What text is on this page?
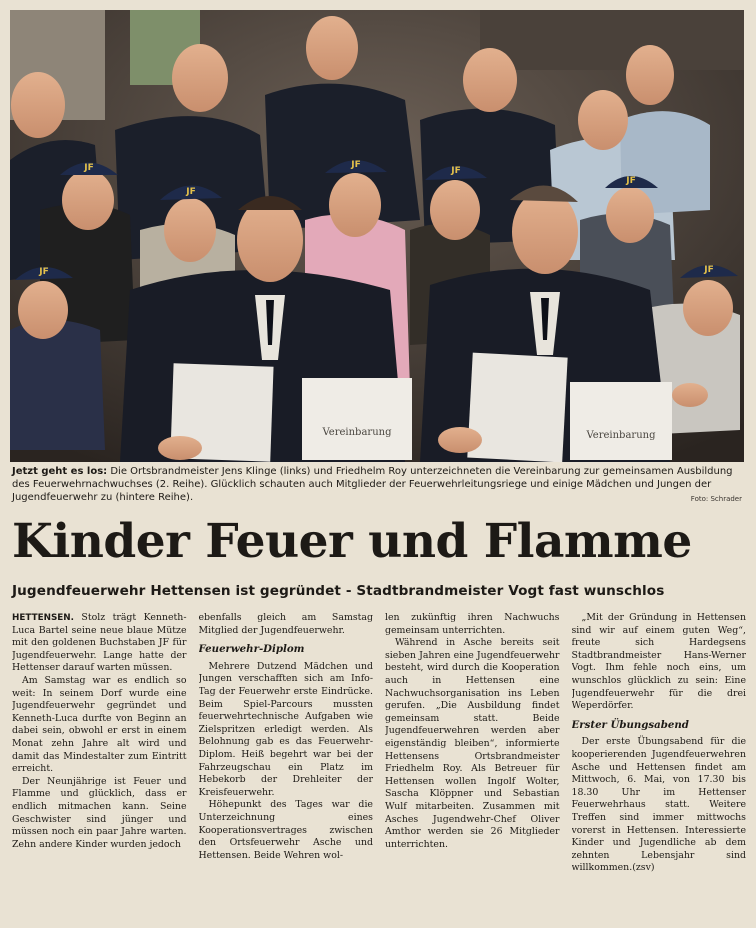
JF
JF
JF
JF
JF
JF	JF
Vereinbarung	Vereinbarung

Jetzt geht es los: Die Ortsbrandmeister Jens Klinge (links) und Friedhelm Roy unterzeichneten die Vereinbarung zur gemeinsamen Ausbildung des Feuerwehrnachwuchses (2. Reihe). Glücklich schauten auch Mitglieder der Feuerwehrleitungsriege und einige Mädchen und Jungen der Jugendfeuerwehr zu (hintere Reihe).	Foto: Schrader
Kinder Feuer und Flamme
Jugendfeuerwehr Hettensen ist gegründet - Stadtbrandmeister Vogt fast wunschlos

HETTENSEN. Stolz trägt Kenneth-Luca Bartel seine neue blaue Mütze mit den goldenen Buchstaben JF für Jugendfeuerwehr. Lange hatte der Hettenser darauf warten müssen.

Am Samstag war es endlich so weit: In seinem Dorf wurde eine Jugendfeuerwehr gegründet und Kenneth-Luca durfte von Beginn an dabei sein, obwohl er erst in einem Monat zehn Jahre alt wird und damit das Mindestalter zum Eintritt erreicht.

Der Neunjährige ist Feuer und Flamme und glücklich, dass er endlich mitmachen kann. Seine Geschwister sind jünger und müssen noch ein paar Jahre warten. Zehn andere Kinder wurden jedoch

ebenfalls gleich am Samstag Mitglied der Jugendfeuerwehr.

Feuerwehr-Diplom

Mehrere Dutzend Mädchen und Jungen verschafften sich am Info-Tag der Feuerwehr erste Eindrücke. Beim Spiel-Parcours mussten feuerwehrtechnische Aufgaben wie Zielspritzen erledigt werden. Als Belohnung gab es das Feuerwehr-Diplom. Heiß begehrt war bei der Fahrzeugschau ein Platz im Hebekorb der Drehleiter der Kreisfeuerwehr.

Höhepunkt des Tages war die Unterzeichnung eines Kooperationsvertrages zwischen den Ortsfeuerwehr Asche und Hettensen. Beide Wehren wol-

len zukünftig ihren Nachwuchs gemeinsam unterrichten.

Während in Asche bereits seit sieben Jahren eine Jugendfeuerwehr besteht, wird durch die Kooperation auch in Hettensen eine Nachwuchsorganisation ins Leben gerufen. „Die Ausbildung findet gemeinsam statt. Beide Jugendfeuerwehren werden aber eigenständig bleiben“, informierte Hettensens Ortsbrandmeister Friedhelm Roy. Als Betreuer für Hettensen wollen Ingolf Wolter, Sascha Klöppner und Sebastian Wulf mitarbeiten. Zusammen mit Asches Jugendwehr-Chef Oliver Amthor werden sie 26 Mitglieder unterrichten.

„Mit der Gründung in Hettensen sind wir auf einem guten Weg“, freute sich Hardegsens Stadtbrandmeister Hans-Werner Vogt. Ihm fehle noch eins, um wunschlos glücklich zu sein: Eine Jugendfeuerwehr für die drei Weperdörfer.

Erster Übungsabend

Der erste Übungsabend für die kooperierenden Jugendfeuerwehren Asche und Hettensen findet am Mittwoch, 6. Mai, von 17.30 bis 18.30 Uhr im Hettenser Feuerwehrhaus statt. Weitere Treffen sind immer mittwochs vorerst in Hettensen. Interessierte Kinder und Jugendliche ab dem zehnten Lebensjahr sind willkommen.(zsv)
